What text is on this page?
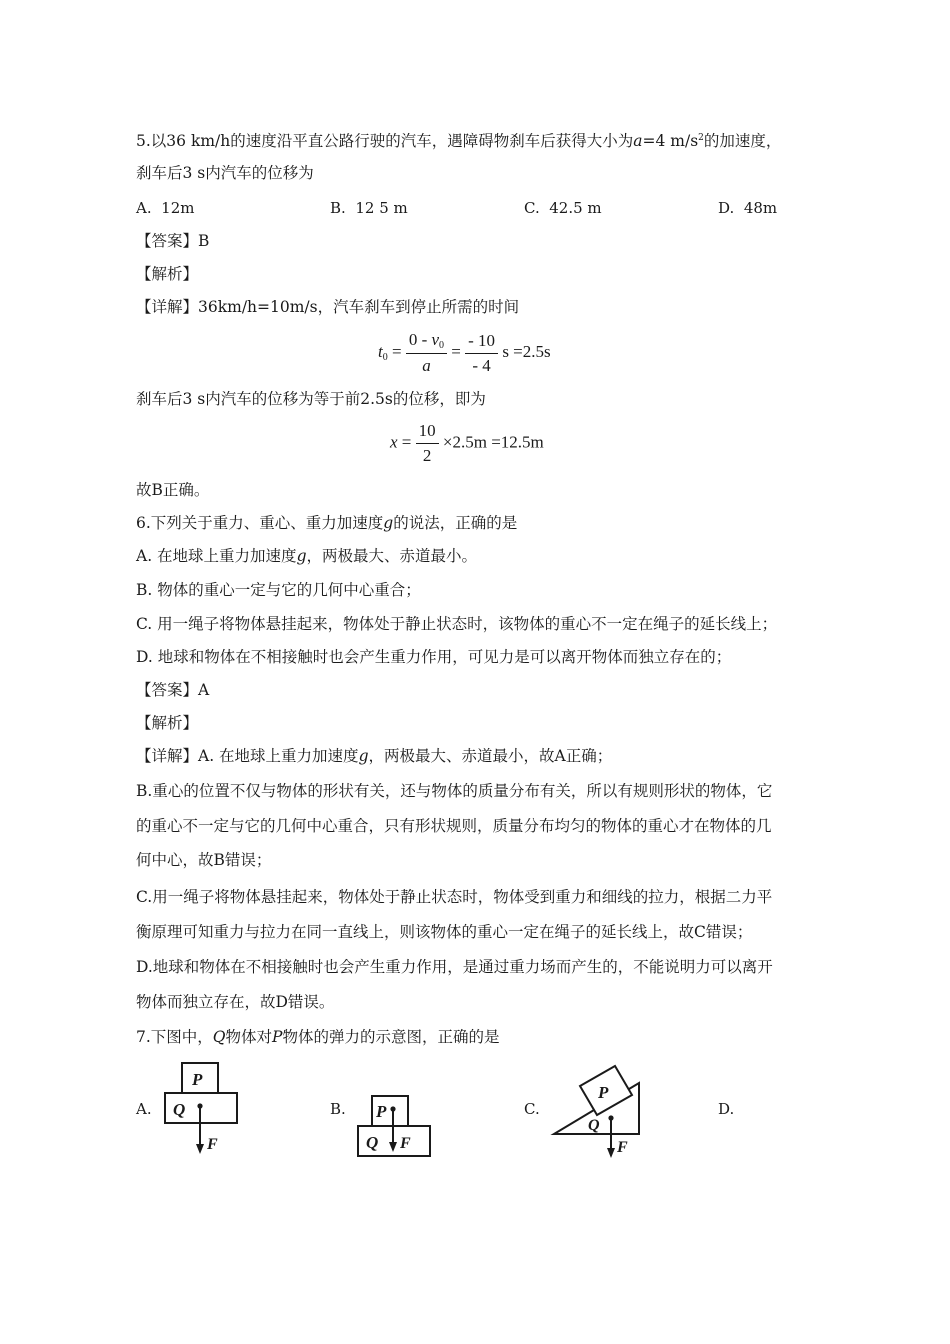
5.以36 km/h的速度沿平直公路行驶的汽车，遇障碍物刹车后获得大小为a=4 $m/s^2$的加速度，
刹车后3 s内汽车的位移为
A. 12m	B. 12 5 m	C. 42.5 m	D. 48m
【答案】B
【解析】
【详解】36km/h=10m/s，汽车刹车到停止所需的时间
$t_0 = \frac{0 - v_0}{a} = \frac{- 10}{- 4}$ s =2.5s
刹车后3 s内汽车的位移为等于前2.5s的位移，即为
$x = \frac{10}{2} \times 2.5m =12.5m$
故B正确。
6.下列关于重力、重心、重力加速度g的说法，正确的是
A. 在地球上重力加速度g，两极最大、赤道最小。
B. 物体的重心一定与它的几何中心重合；
C. 用一绳子将物体悬挂起来，物体处于静止状态时，该物体的重心不一定在绳子的延长线上；
D. 地球和物体在不相接触时也会产生重力作用，可见力是可以离开物体而独立存在的；
【答案】A
【解析】
【详解】A. 在地球上重力加速度g，两极最大、赤道最小，故A正确；
B.重心的位置不仅与物体的形状有关，还与物体的质量分布有关，所以有规则形状的物体，它
的重心不一定与它的几何中心重合，只有形状规则，质量分布均匀的物体的重心才在物体的几
何中心，故B错误；
C.用一绳子将物体悬挂起来，物体处于静止状态时，物体受到重力和细线的拉力，根据二力平
衡原理可知重力与拉力在同一直线上，则该物体的重心一定在绳子的延长线上，故C错误；
D.地球和物体在不相接触时也会产生重力作用，是通过重力场而产生的，不能说明力可以离开
物体而独立存在，故D错误。
7.下图中，Q物体对P物体的弹力的示意图，正确的是
A.
P
Q
F
B. P
Q F
C.
P
Q
F
D.
